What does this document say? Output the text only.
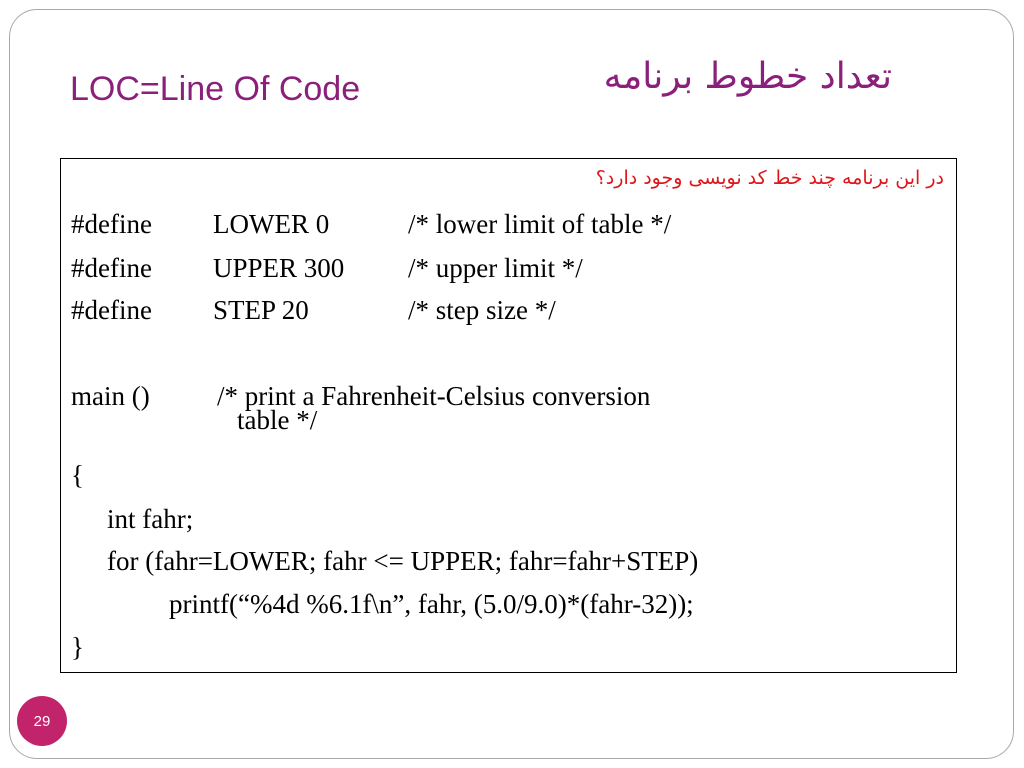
LOC=Line Of Code	تعداد خطوط برنامه
در این برنامه چند خط کد نویسی وجود دارد؟
#define LOWER 0	/* lower limit of table */
#define UPPER 300 /* upper limit */
#define STEP 20	/* step size */
main () /* print a Fahrenheit-Celsius conversion
table */
{
int fahr;
for (fahr=LOWER; fahr <= UPPER; fahr=fahr+STEP)
printf(“%4d %6.1f\n”, fahr, (5.0/9.0)*(fahr-32));
}
29
